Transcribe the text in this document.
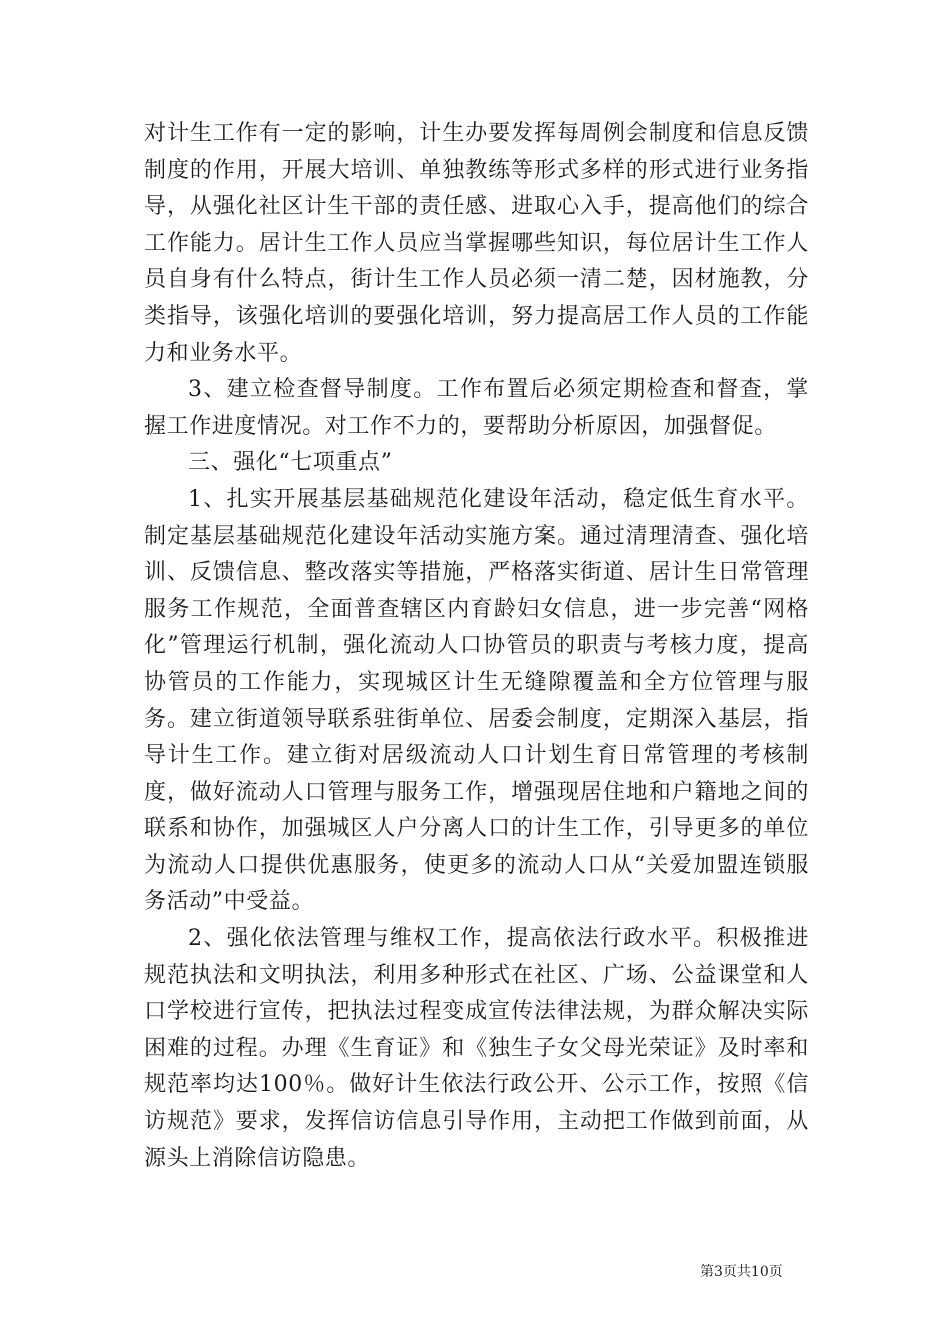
对计生工作有一定的影响，计生办要发挥每周例会制度和信息反馈制度的作用，开展大培训、单独教练等形式多样的形式进行业务指导，从强化社区计生干部的责任感、进取心入手，提高他们的综合工作能力。居计生工作人员应当掌握哪些知识，每位居计生工作人员自身有什么特点，街计生工作人员必须一清二楚，因材施教，分类指导，该强化培训的要强化培训，努力提高居工作人员的工作能力和业务水平。

3、建立检查督导制度。工作布置后必须定期检查和督查，掌握工作进度情况。对工作不力的，要帮助分析原因，加强督促。

三、强化“七项重点”

1、扎实开展基层基础规范化建设年活动，稳定低生育水平。制定基层基础规范化建设年活动实施方案。通过清理清查、强化培训、反馈信息、整改落实等措施，严格落实街道、居计生日常管理服务工作规范，全面普查辖区内育龄妇女信息，进一步完善“网格化”管理运行机制，强化流动人口协管员的职责与考核力度，提高协管员的工作能力，实现城区计生无缝隙覆盖和全方位管理与服务。建立街道领导联系驻街单位、居委会制度，定期深入基层，指导计生工作。建立街对居级流动人口计划生育日常管理的考核制度，做好流动人口管理与服务工作，增强现居住地和户籍地之间的联系和协作，加强城区人户分离人口的计生工作，引导更多的单位为流动人口提供优惠服务，使更多的流动人口从“关爱加盟连锁服务活动”中受益。

2、强化依法管理与维权工作，提高依法行政水平。积极推进规范执法和文明执法，利用多种形式在社区、广场、公益课堂和人口学校进行宣传，把执法过程变成宣传法律法规，为群众解决实际困难的过程。办理《生育证》和《独生子女父母光荣证》及时率和规范率均达100％。做好计生依法行政公开、公示工作，按照《信访规范》要求，发挥信访信息引导作用，主动把工作做到前面，从源头上消除信访隐患。

第3页共10页
